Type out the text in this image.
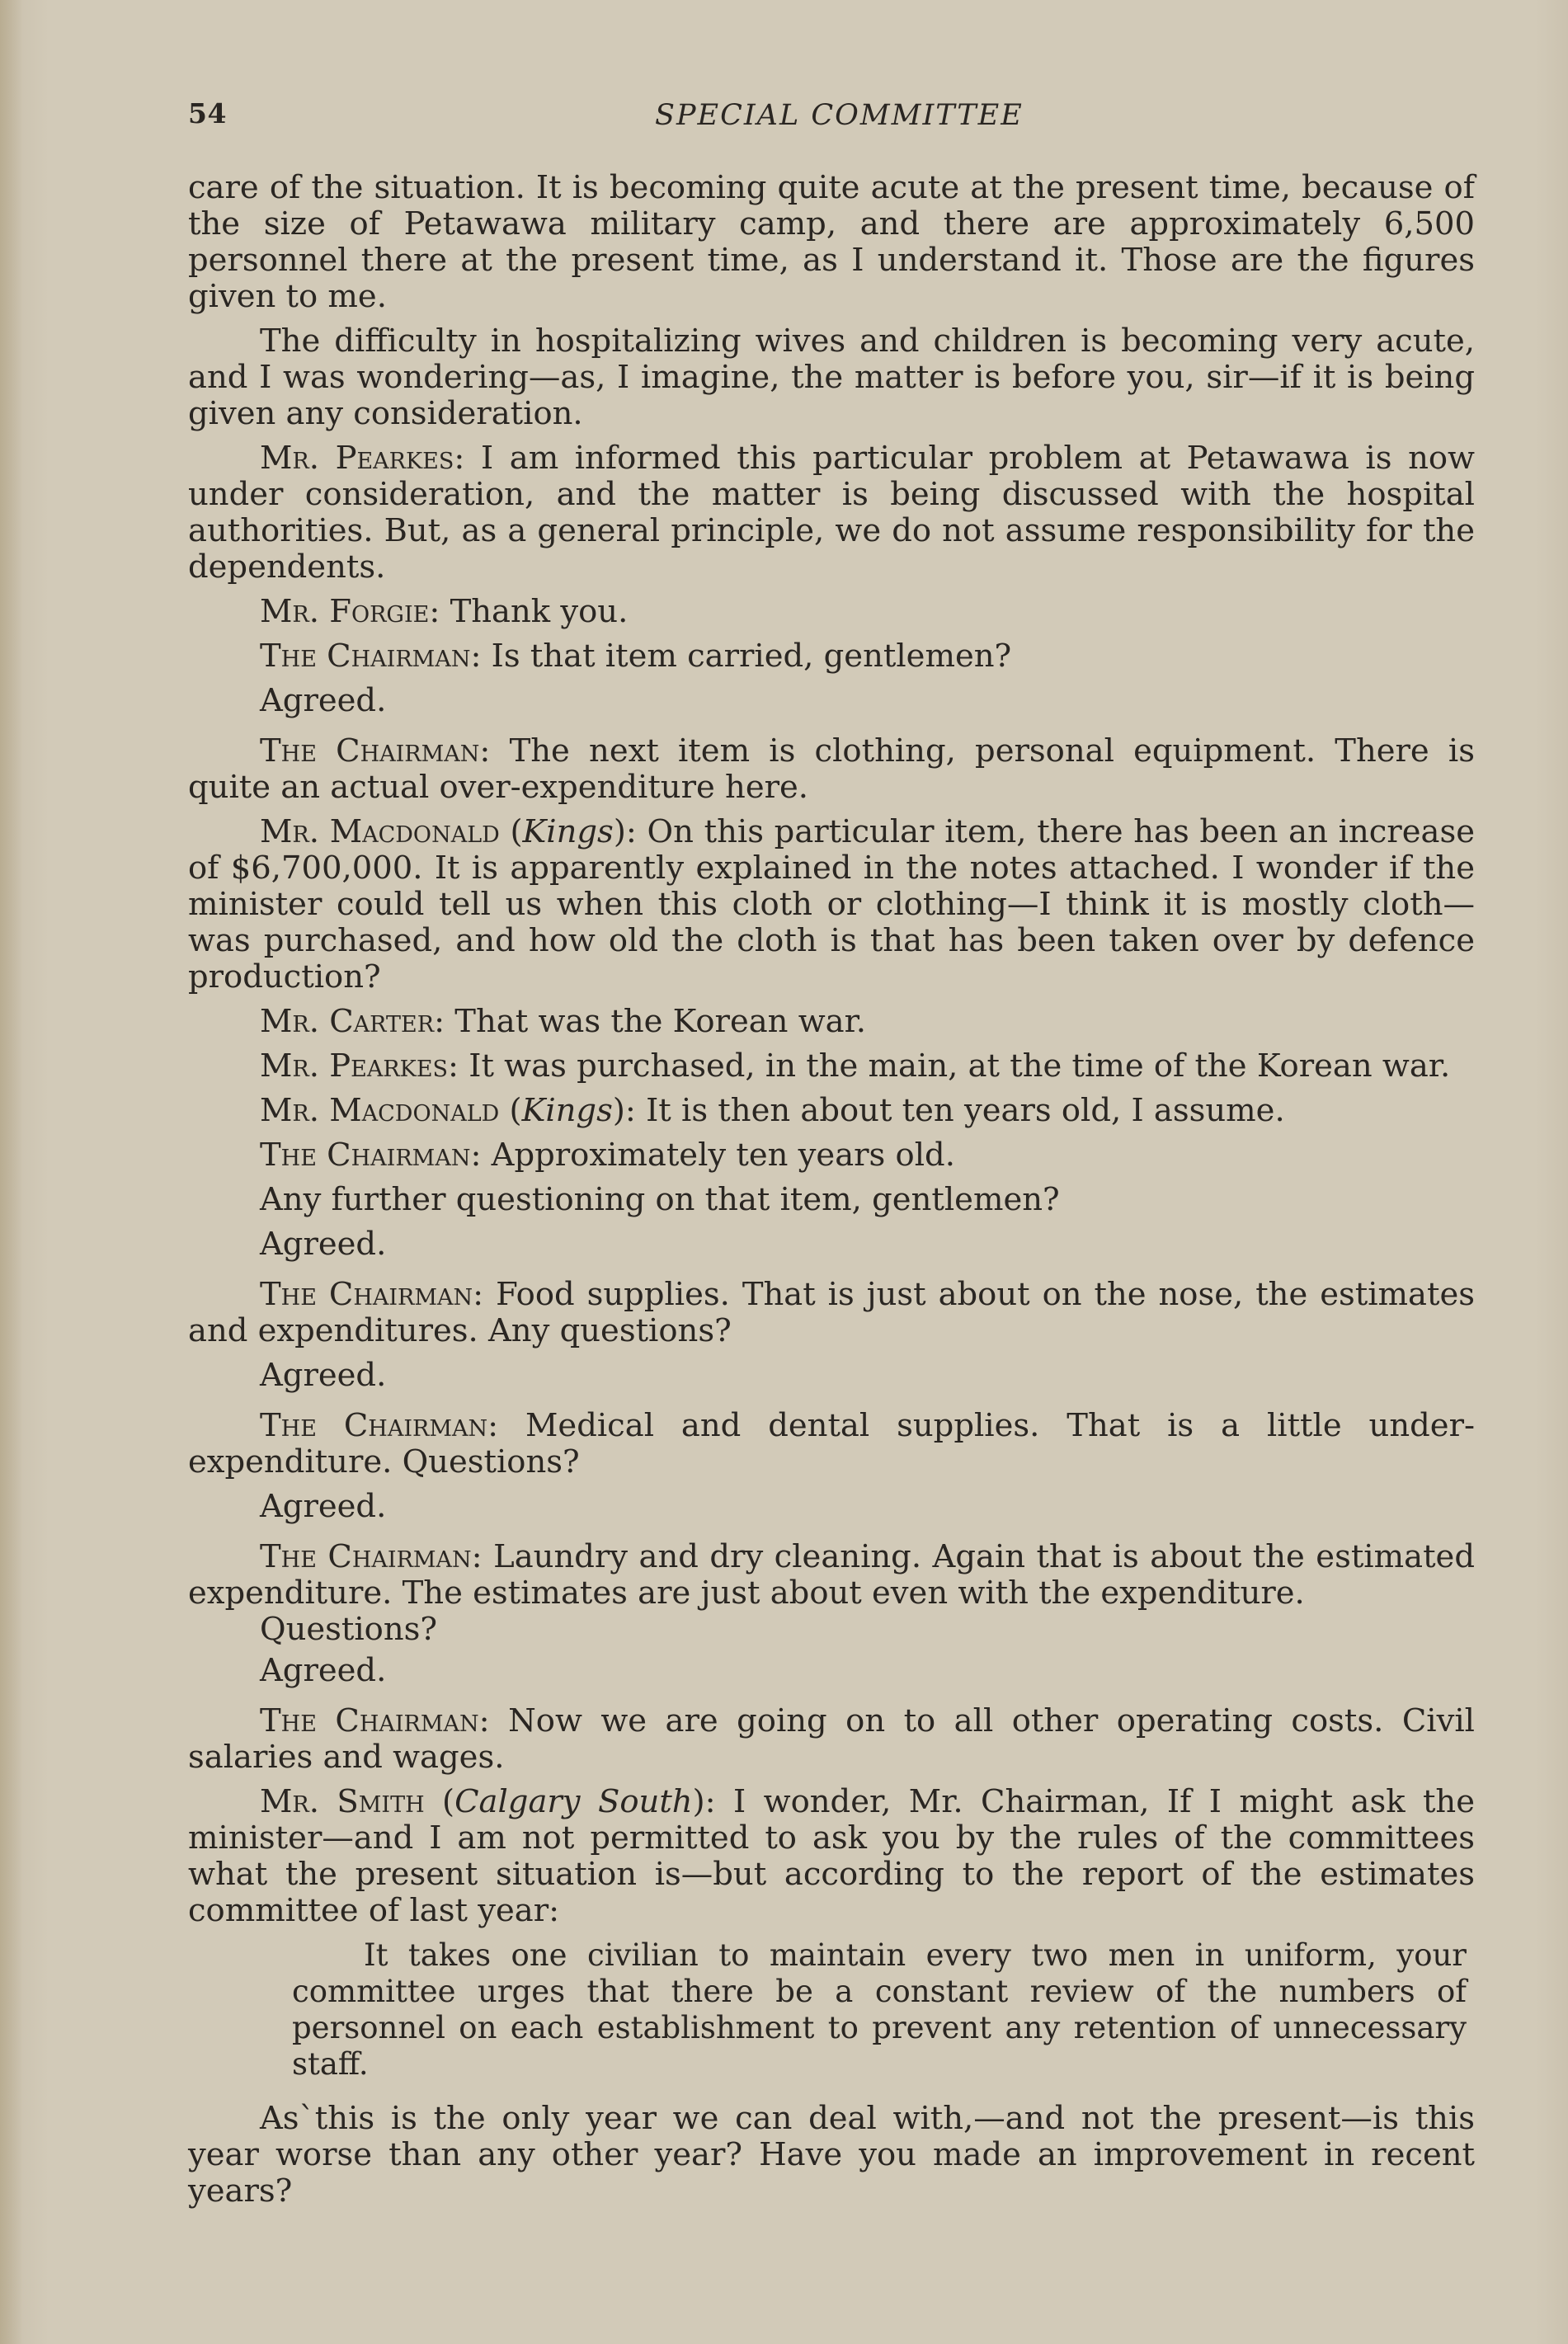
54	SPECIAL COMMITTEE

care of the situation. It is becoming quite acute at the present time, because of the size of Petawawa military camp, and there are approximately 6,500 personnel there at the present time, as I understand it. Those are the figures given to me.

The difficulty in hospitalizing wives and children is becoming very acute, and I was wondering—as, I imagine, the matter is before you, sir—if it is being given any consideration.

Mr. Pearkes: I am informed this particular problem at Petawawa is now under consideration, and the matter is being discussed with the hospital authorities. But, as a general principle, we do not assume responsibility for the dependents.

Mr. Forgie: Thank you.

The Chairman: Is that item carried, gentlemen?

Agreed.

The Chairman: The next item is clothing, personal equipment. There is quite an actual over-expenditure here.

Mr. Macdonald (Kings): On this particular item, there has been an increase of $6,700,000. It is apparently explained in the notes attached. I wonder if the minister could tell us when this cloth or clothing—I think it is mostly cloth—was purchased, and how old the cloth is that has been taken over by defence production?

Mr. Carter: That was the Korean war.

Mr. Pearkes: It was purchased, in the main, at the time of the Korean war.

Mr. Macdonald (Kings): It is then about ten years old, I assume.

The Chairman: Approximately ten years old.

Any further questioning on that item, gentlemen?

Agreed.

The Chairman: Food supplies. That is just about on the nose, the estimates and expenditures. Any questions?

Agreed.

The Chairman: Medical and dental supplies. That is a little under-expenditure. Questions?

Agreed.

The Chairman: Laundry and dry cleaning. Again that is about the estimated expenditure. The estimates are just about even with the expenditure.

Questions?

Agreed.

The Chairman: Now we are going on to all other operating costs. Civil salaries and wages.

Mr. Smith (Calgary South): I wonder, Mr. Chairman, If I might ask the minister—and I am not permitted to ask you by the rules of the committees what the present situation is—but according to the report of the estimates committee of last year:

It takes one civilian to maintain every two men in uniform, your committee urges that there be a constant review of the numbers of personnel on each establishment to prevent any retention of unnecessary staff.

As`this is the only year we can deal with,—and not the present—is this year worse than any other year? Have you made an improvement in recent years?
